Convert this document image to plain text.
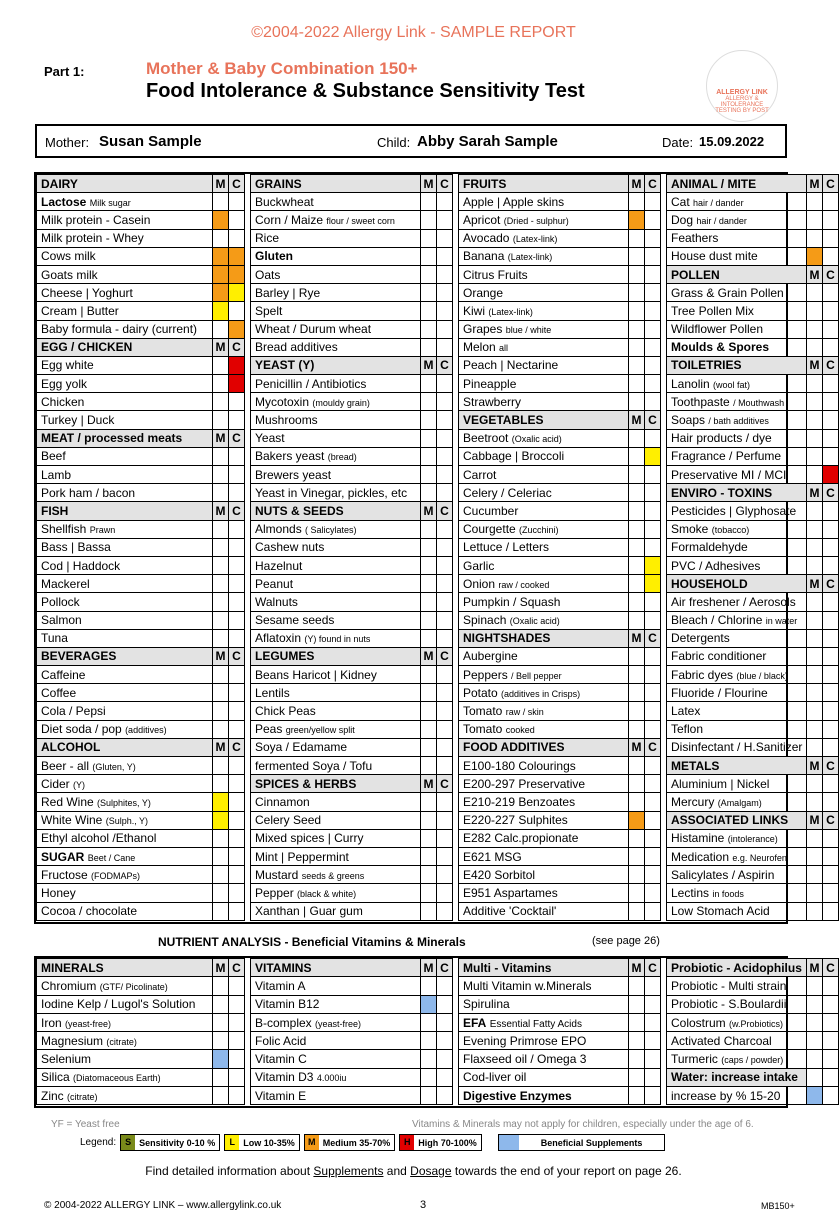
©2004-2022 Allergy Link - SAMPLE REPORT
Part 1:	Mother & Baby Combination 150+
Food Intolerance & Substance Sensitivity Test	ALLERGY LINK
ALLERGY & INTOLERANCE TESTING BY POST
Mother: Susan Sample	Child: Abby Sarah Sample	Date: 15.09.2022
DAIRY	M	C		GRAINS	M	C		FRUITS	M	C		ANIMAL / MITE	M	C
Lactose Milk sugar				Buckwheat				Apple | Apple skins				Cat hair / dander		
Milk protein - Casein				Corn / Maize flour / sweet corn				Apricot (Dried - sulphur)				Dog hair / dander		
Milk protein - Whey				Rice				Avocado (Latex-link)				Feathers		
Cows milk				Gluten				Banana (Latex-link)				House dust mite		
Goats milk				Oats				Citrus Fruits				POLLEN	M	C
Cheese | Yoghurt				Barley | Rye				Orange				Grass & Grain Pollen		
Cream | Butter				Spelt				Kiwi (Latex-link)				Tree Pollen Mix		
Baby formula - dairy (current)				Wheat / Durum wheat				Grapes blue / white				Wildflower Pollen		
EGG / CHICKEN	M	C		Bread additives				Melon all				Moulds & Spores		
Egg white				YEAST (Y)	M	C		Peach | Nectarine				TOILETRIES	M	C
Egg yolk				Penicillin / Antibiotics				Pineapple				Lanolin (wool fat)		
Chicken				Mycotoxin (mouldy grain)				Strawberry				Toothpaste / Mouthwash		
Turkey | Duck				Mushrooms				VEGETABLES	M	C		Soaps / bath additives		
MEAT / processed meats	M	C		Yeast				Beetroot (Oxalic acid)				Hair products / dye		
Beef				Bakers yeast (bread)				Cabbage | Broccoli				Fragrance / Perfume		
Lamb				Brewers yeast				Carrot				Preservative MI / MCI		
Pork ham / bacon				Yeast in Vinegar, pickles, etc				Celery / Celeriac				ENVIRO - TOXINS	M	C
FISH	M	C		NUTS & SEEDS	M	C		Cucumber				Pesticides | Glyphosate		
Shellfish Prawn				Almonds ( Salicylates)				Courgette (Zucchini)				Smoke (tobacco)		
Bass | Bassa				Cashew nuts				Lettuce / Letters				Formaldehyde		
Cod | Haddock				Hazelnut				Garlic				PVC / Adhesives		
Mackerel				Peanut				Onion raw / cooked				HOUSEHOLD	M	C
Pollock				Walnuts				Pumpkin / Squash				Air freshener / Aerosols		
Salmon				Sesame seeds				Spinach (Oxalic acid)				Bleach / Chlorine in water		
Tuna				Aflatoxin (Y) found in nuts				NIGHTSHADES	M	C		Detergents		
BEVERAGES	M	C		LEGUMES	M	C		Aubergine				Fabric conditioner		
Caffeine				Beans Haricot | Kidney				Peppers / Bell pepper				Fabric dyes (blue / black)		
Coffee				Lentils				Potato (additives in Crisps)				Fluoride / Flourine		
Cola / Pepsi				Chick Peas				Tomato raw / skin				Latex		
Diet soda / pop (additives)				Peas green/yellow split				Tomato cooked				Teflon		
ALCOHOL	M	C		Soya / Edamame				FOOD ADDITIVES	M	C		Disinfectant / H.Sanitizer		
Beer - all (Gluten, Y)				fermented Soya / Tofu				E100-180 Colourings				METALS	M	C
Cider (Y)				SPICES & HERBS	M	C		E200-297 Preservative				Aluminium | Nickel		
Red Wine (Sulphites, Y)				Cinnamon				E210-219 Benzoates				Mercury (Amalgam)		
White Wine (Sulph., Y)				Celery Seed				E220-227 Sulphites				ASSOCIATED LINKS	M	C
Ethyl alcohol /Ethanol				Mixed spices | Curry				E282 Calc.propionate				Histamine (intolerance)		
SUGAR Beet / Cane				Mint | Peppermint				E621 MSG				Medication e.g. Neurofen		
Fructose (FODMAPs)				Mustard seeds & greens				E420 Sorbitol				Salicylates / Aspirin		
Honey				Pepper (black & white)				E951 Aspartames				Lectins in foods		
Cocoa / chocolate				Xanthan | Guar gum				Additive 'Cocktail'				Low Stomach Acid		
NUTRIENT ANALYSIS - Beneficial Vitamins & Minerals	(see page 26)
MINERALS	M	C		VITAMINS	M	C		Multi - Vitamins	M	C		Probiotic - Acidophilus	M	C
Chromium (GTF/ Picolinate)				Vitamin A				Multi Vitamin w.Minerals				Probiotic - Multi strain		
Iodine Kelp / Lugol's Solution				Vitamin B12				Spirulina				Probiotic - S.Boulardii		
Iron (yeast-free)				B-complex (yeast-free)				EFA Essential Fatty Acids				Colostrum (w.Probiotics)		
Magnesium (citrate)				Folic Acid				Evening Primrose EPO				Activated Charcoal		
Selenium				Vitamin C				Flaxseed oil / Omega 3				Turmeric (caps / powder)		
Silica (Diatomaceous Earth)				Vitamin D3 4.000iu				Cod-liver oil				Water: increase intake		
Zinc (citrate)				Vitamin E				Digestive Enzymes				increase by % 15-20		
YF = Yeast free	Vitamins & Minerals may not apply for children, especially under the age of 6.
Legend: S Sensitivity 0-10 %	L Low 10-35%	M Medium 35-70%	H High 70-100%	Beneficial Supplements
Find detailed information about Supplements and Dosage towards the end of your report on page 26.
© 2004-2022 ALLERGY LINK – www.allergylink.co.uk	3	MB150+
